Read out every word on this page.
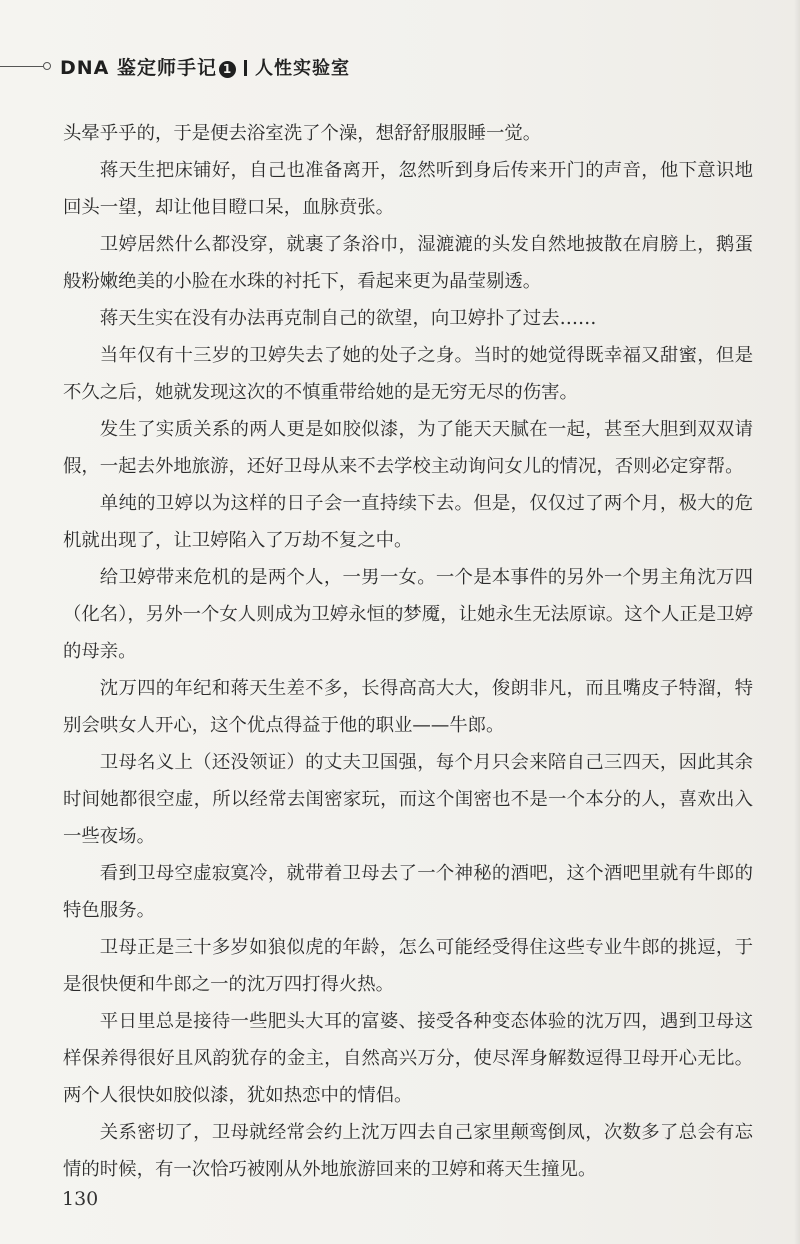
DNA 鉴定师手记 1 人性实验室

头晕乎乎的，于是便去浴室洗了个澡，想舒舒服服睡一觉。

蒋天生把床铺好，自己也准备离开，忽然听到身后传来开门的声音，他下意识地回头一望，却让他目瞪口呆，血脉贲张。

卫婷居然什么都没穿，就裹了条浴巾，湿漉漉的头发自然地披散在肩膀上，鹅蛋般粉嫩绝美的小脸在水珠的衬托下，看起来更为晶莹剔透。

蒋天生实在没有办法再克制自己的欲望，向卫婷扑了过去……

当年仅有十三岁的卫婷失去了她的处子之身。当时的她觉得既幸福又甜蜜，但是不久之后，她就发现这次的不慎重带给她的是无穷无尽的伤害。

发生了实质关系的两人更是如胶似漆，为了能天天腻在一起，甚至大胆到双双请假，一起去外地旅游，还好卫母从来不去学校主动询问女儿的情况，否则必定穿帮。

单纯的卫婷以为这样的日子会一直持续下去。但是，仅仅过了两个月，极大的危机就出现了，让卫婷陷入了万劫不复之中。

给卫婷带来危机的是两个人，一男一女。一个是本事件的另外一个男主角沈万四（化名），另外一个女人则成为卫婷永恒的梦魇，让她永生无法原谅。这个人正是卫婷的母亲。

沈万四的年纪和蒋天生差不多，长得高高大大，俊朗非凡，而且嘴皮子特溜，特别会哄女人开心，这个优点得益于他的职业——牛郎。

卫母名义上（还没领证）的丈夫卫国强，每个月只会来陪自己三四天，因此其余时间她都很空虚，所以经常去闺密家玩，而这个闺密也不是一个本分的人，喜欢出入一些夜场。

看到卫母空虚寂寞冷，就带着卫母去了一个神秘的酒吧，这个酒吧里就有牛郎的特色服务。

卫母正是三十多岁如狼似虎的年龄，怎么可能经受得住这些专业牛郎的挑逗，于是很快便和牛郎之一的沈万四打得火热。

平日里总是接待一些肥头大耳的富婆、接受各种变态体验的沈万四，遇到卫母这样保养得很好且风韵犹存的金主，自然高兴万分，使尽浑身解数逗得卫母开心无比。两个人很快如胶似漆，犹如热恋中的情侣。

关系密切了，卫母就经常会约上沈万四去自己家里颠鸾倒凤，次数多了总会有忘情的时候，有一次恰巧被刚从外地旅游回来的卫婷和蒋天生撞见。

130
